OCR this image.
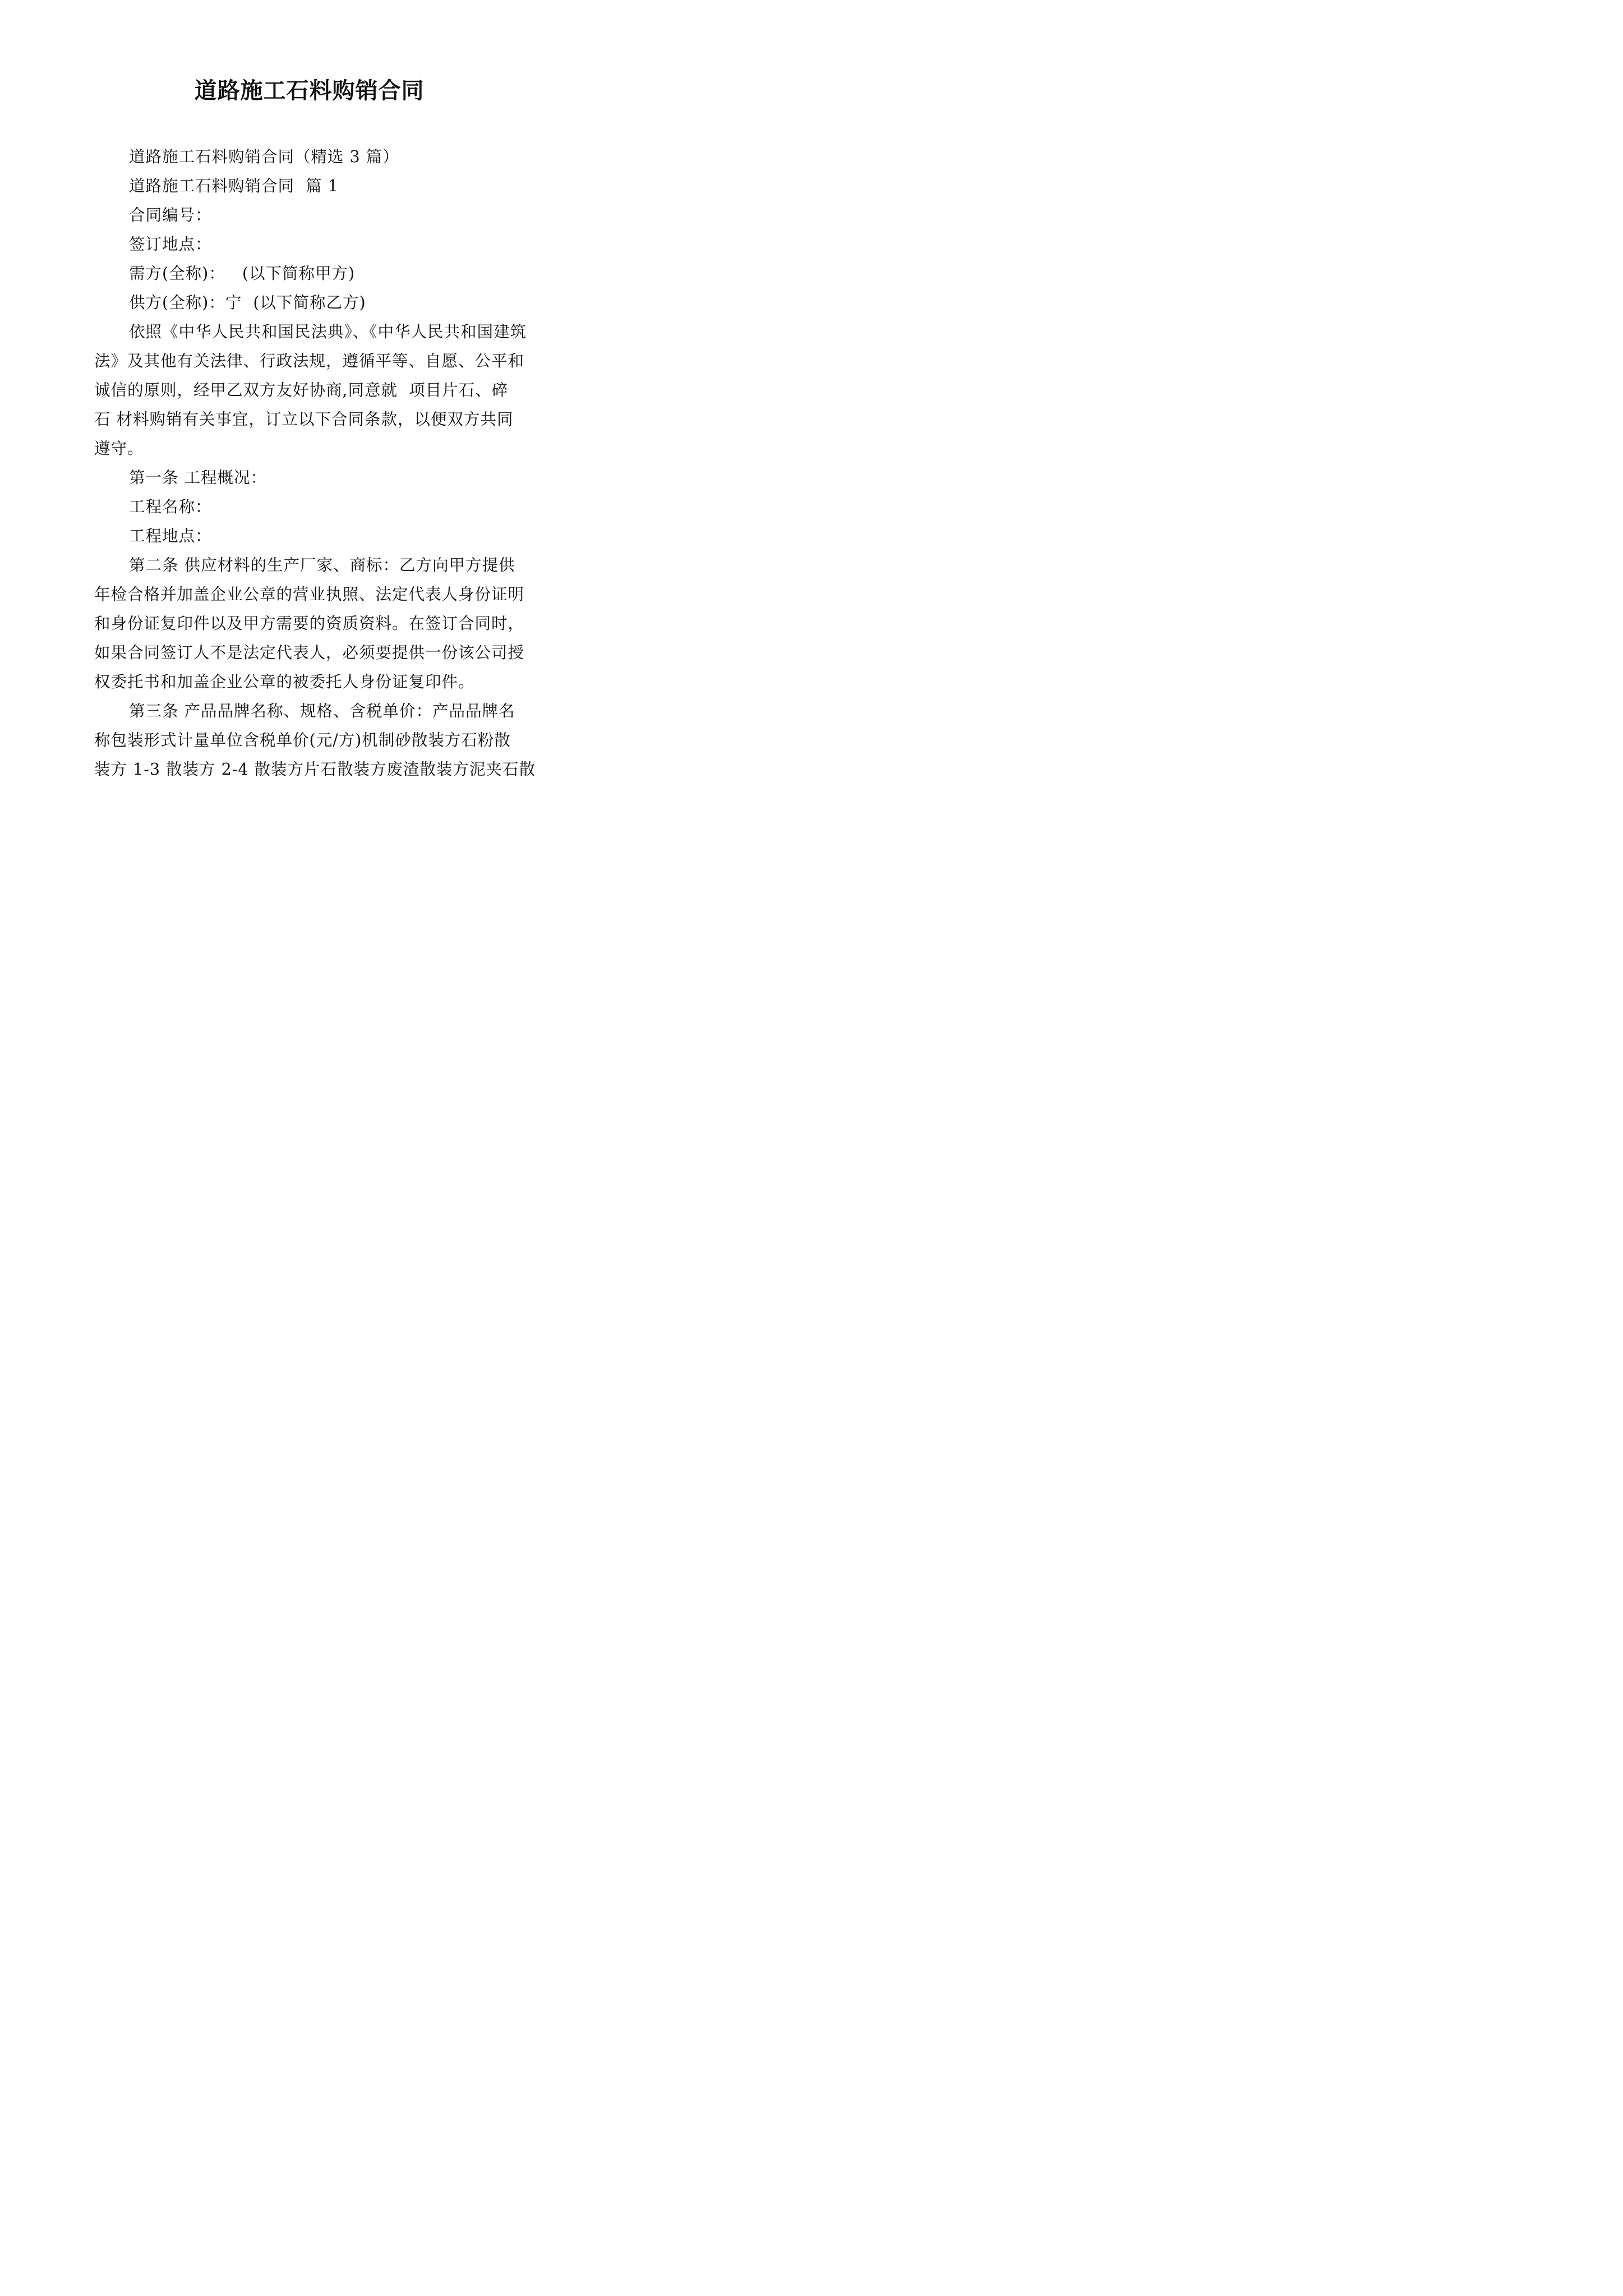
道路施工石料购销合同

道路施工石料购销合同（精选 3 篇）

道路施工石料购销合同  篇 1

合同编号：

签订地点：

需方(全称)：   (以下简称甲方)

供方(全称)：宁  (以下简称乙方)

依照《中华人民共和国民法典》、《中华人民共和国建筑

法》及其他有关法律、行政法规，遵循平等、自愿、公平和

诚信的原则，经甲乙双方友好协商,同意就  项目片石、碎

石 材料购销有关事宜，订立以下合同条款，以便双方共同

遵守。

第一条 工程概况：

工程名称：

工程地点：

第二条 供应材料的生产厂家、商标：乙方向甲方提供

年检合格并加盖企业公章的营业执照、法定代表人身份证明

和身份证复印件以及甲方需要的资质资料。在签订合同时，

如果合同签订人不是法定代表人，必须要提供一份该公司授

权委托书和加盖企业公章的被委托人身份证复印件。

第三条 产品品牌名称、规格、含税单价：产品品牌名

称包装形式计量单位含税单价(元/方)机制砂散装方石粉散

装方 1-3 散装方 2-4 散装方片石散装方废渣散装方泥夹石散
